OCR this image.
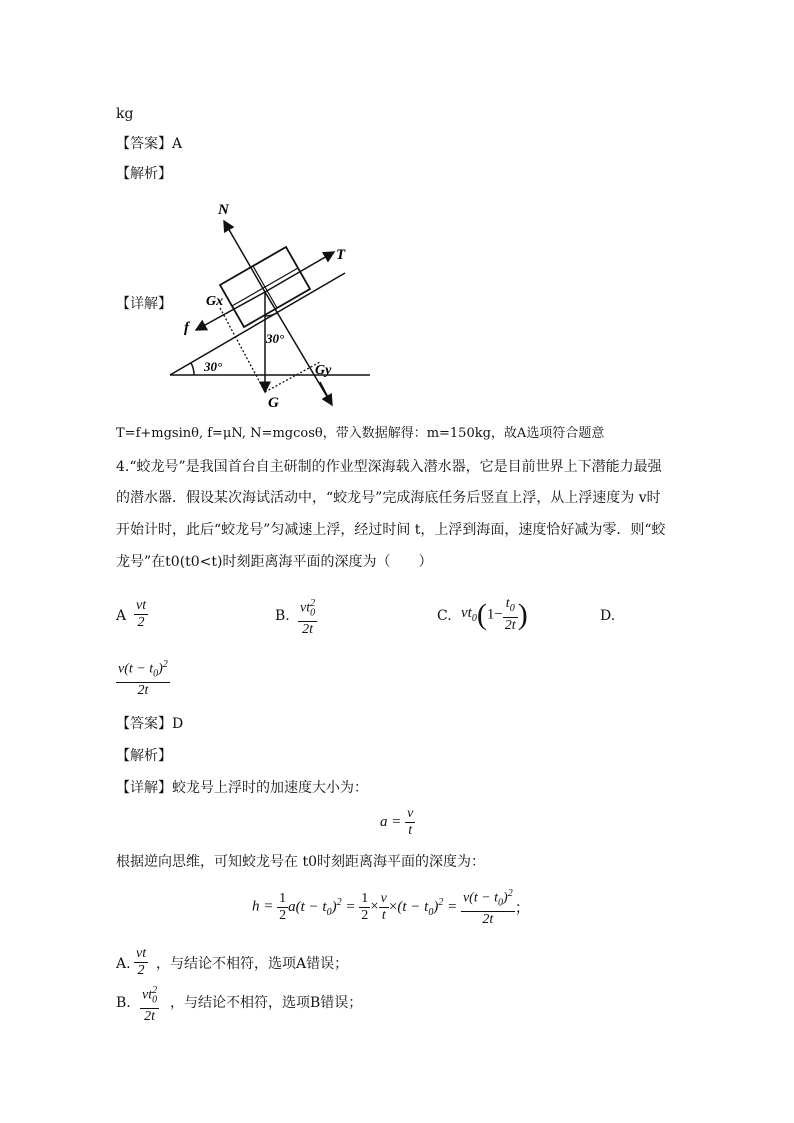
kg
【答案】A
【解析】
【详解】
N
T
Gx
f
30°
30°	Gy
G
T=f+mgsinθ, f=μN, N=mgcosθ，带入数据解得：m=150kg，故A选项符合题意
4.“蛟龙号”是我国首台自主研制的作业型深海载入潜水器，它是目前世界上下潜能力最强
的潜水器．假设某次海试活动中，“蛟龙号”完成海底任务后竖直上浮，从上浮速度为 v时
开始计时，此后“蛟龙号”匀减速上浮，经过时间 t，上浮到海面，速度恰好减为零．则“蛟
龙号”在t0(t0<t)时刻距离海平面的深度为（　　）
A $\frac{vt}{2}$	B. $\frac{vt_0^2}{2t}$	C. $vt_0(1- \frac{t_0}{2t}$ )	D.
$\frac{v(t - t_0)^2}{2t}$
【答案】D
【解析】
【详解】蛟龙号上浮时的加速度大小为：
$a = \frac{v}{t}$
根据逆向思维，可知蛟龙号在 t0时刻距离海平面的深度为：
$h = \frac{1}{2} a(t - t_0)^2 = \frac{1}{2} \times \frac{v}{t} \times(t - t_0)^2 = \frac{v(t - t_0)^2}{2t}$ ；
A. $\frac{vt}{2}$ ，与结论不相符，选项A错误；
B. $\frac{vt_0^2}{2t}$ ，与结论不相符，选项B错误；
